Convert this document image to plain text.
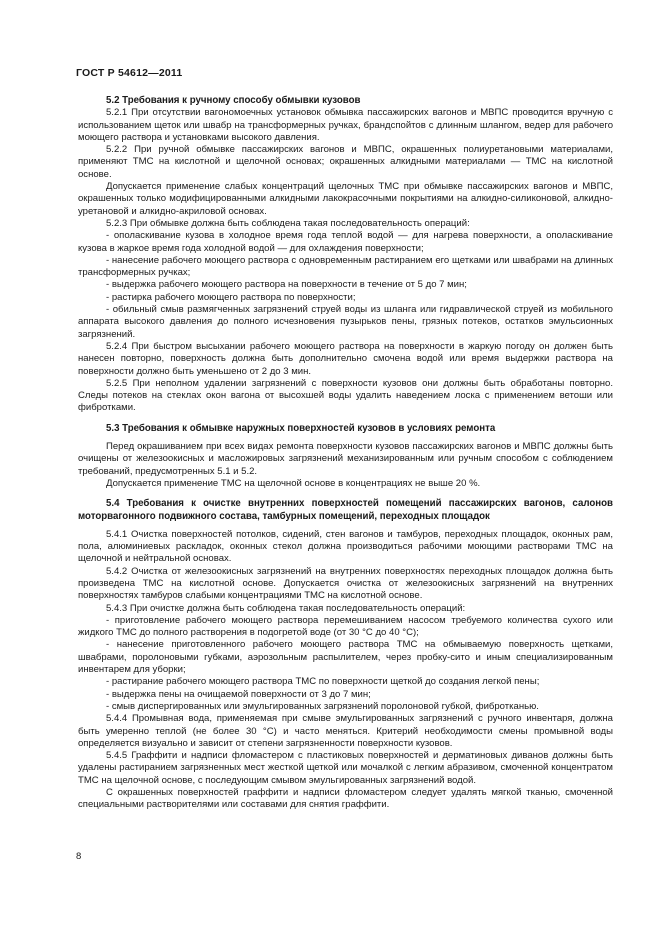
ГОСТ Р 54612—2011
5.2 Требования к ручному способу обмывки кузовов

5.2.1 При отсутствии вагономоечных установок обмывка пассажирских вагонов и МВПС проводится вручную с использованием щеток или швабр на трансформерных ручках, брандспойтов с длинным шлангом, ведер для рабочего моющего раствора и установками высокого давления.

5.2.2 При ручной обмывке пассажирских вагонов и МВПС, окрашенных полиуретановыми материалами, применяют ТМС на кислотной и щелочной основах; окрашенных алкидными материалами — ТМС на кислотной основе.

Допускается применение слабых концентраций щелочных ТМС при обмывке пассажирских вагонов и МВПС, окрашенных только модифицированными алкидными лакокрасочными покрытиями на алкидно-силиконовой, алкидно-уретановой и алкидно-акриловой основах.

5.2.3 При обмывке должна быть соблюдена такая последовательность операций:

- ополаскивание кузова в холодное время года теплой водой — для нагрева поверхности, а ополаскивание кузова в жаркое время года холодной водой — для охлаждения поверхности;

- нанесение рабочего моющего раствора с одновременным растиранием его щетками или швабрами на длинных трансформерных ручках;

- выдержка рабочего моющего раствора на поверхности в течение от 5 до 7 мин;

- растирка рабочего моющего раствора по поверхности;

- обильный смыв размягченных загрязнений струей воды из шланга или гидравлической струей из мобильного аппарата высокого давления до полного исчезновения пузырьков пены, грязных потеков, остатков эмульсионных загрязнений.

5.2.4 При быстром высыхании рабочего моющего раствора на поверхности в жаркую погоду он должен быть нанесен повторно, поверхность должна быть дополнительно смочена водой или время выдержки раствора на поверхности должно быть уменьшено от 2 до 3 мин.

5.2.5 При неполном удалении загрязнений с поверхности кузовов они должны быть обработаны повторно. Следы потеков на стеклах окон вагона от высохшей воды удалить наведением лоска с применением ветоши или фибротками.

5.3 Требования к обмывке наружных поверхностей кузовов в условиях ремонта

Перед окрашиванием при всех видах ремонта поверхности кузовов пассажирских вагонов и МВПС должны быть очищены от железоокисных и масложировых загрязнений механизированным или ручным способом с соблюдением требований, предусмотренных 5.1 и 5.2.

Допускается применение ТМС на щелочной основе в концентрациях не выше 20 %.

5.4 Требования к очистке внутренних поверхностей помещений пассажирских вагонов, салонов моторвагонного подвижного состава, тамбурных помещений, переходных площадок

5.4.1 Очистка поверхностей потолков, сидений, стен вагонов и тамбуров, переходных площадок, оконных рам, пола, алюминиевых раскладок, оконных стекол должна производиться рабочими моющими растворами ТМС на щелочной и нейтральной основах.

5.4.2 Очистка от железоокисных загрязнений на внутренних поверхностях переходных площадок должна быть произведена ТМС на кислотной основе. Допускается очистка от железоокисных загрязнений на внутренних поверхностях тамбуров слабыми концентрациями ТМС на кислотной основе.

5.4.3 При очистке должна быть соблюдена такая последовательность операций:

- приготовление рабочего моющего раствора перемешиванием насосом требуемого количества сухого или жидкого ТМС до полного растворения в подогретой воде (от 30 °С до 40 °С);

- нанесение приготовленного рабочего моющего раствора ТМС на обмываемую поверхность щетками, швабрами, поролоновыми губками, аэрозольным распылителем, через пробку-сито и иным специализированным инвентарем для уборки;

- растирание рабочего моющего раствора ТМС по поверхности щеткой до создания легкой пены;

- выдержка пены на очищаемой поверхности от 3 до 7 мин;

- смыв диспергированных или эмульгированных загрязнений поролоновой губкой, фибротканью.

5.4.4 Промывная вода, применяемая при смыве эмульгированных загрязнений с ручного инвентаря, должна быть умеренно теплой (не более 30 °С) и часто меняться. Критерий необходимости смены промывной воды определяется визуально и зависит от степени загрязненности поверхности кузовов.

5.4.5 Граффити и надписи фломастером с пластиковых поверхностей и дерматиновых диванов должны быть удалены растиранием загрязненных мест жесткой щеткой или мочалкой с легким абразивом, смоченной концентратом ТМС на щелочной основе, с последующим смывом эмульгированных загрязнений водой.

С окрашенных поверхностей граффити и надписи фломастером следует удалять мягкой тканью, смоченной специальными растворителями или составами для снятия граффити.

8
